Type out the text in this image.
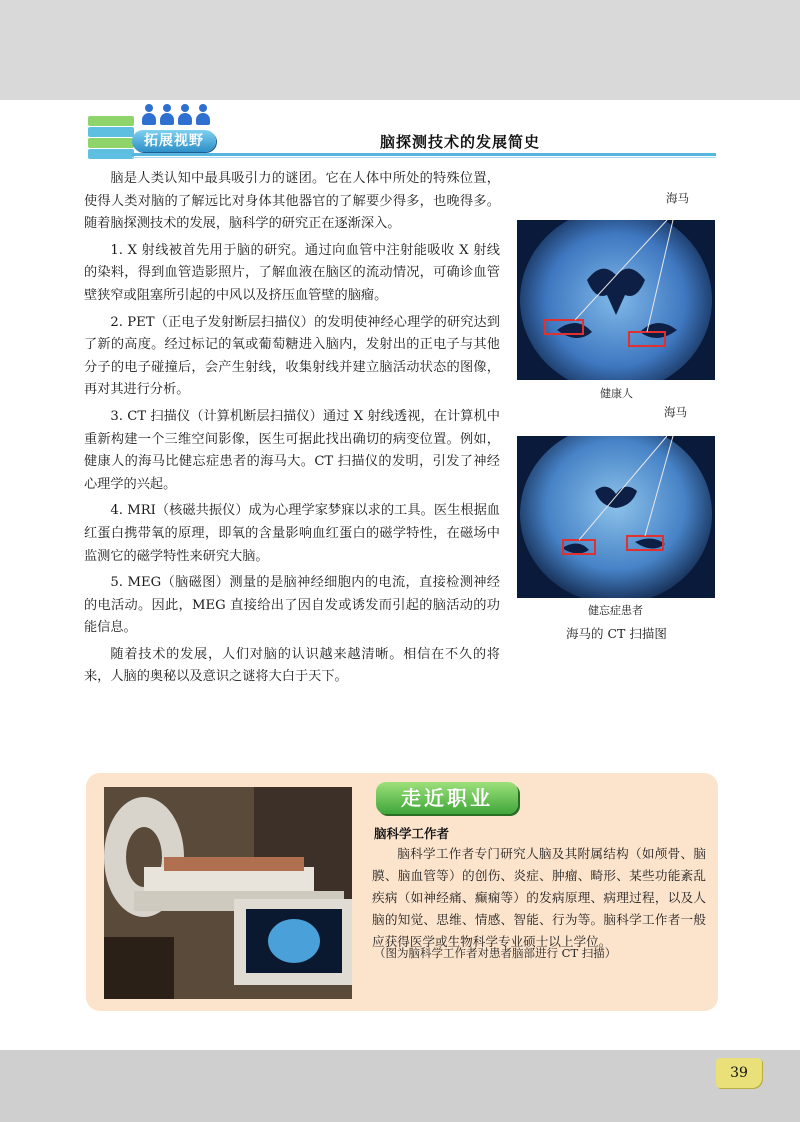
拓展视野	脑探测技术的发展简史

脑是人类认知中最具吸引力的谜团。它在人体中所处的特殊位置，使得人类对脑的了解远比对身体其他器官的了解要少得多，也晚得多。随着脑探测技术的发展，脑科学的研究正在逐渐深入。

1. X 射线被首先用于脑的研究。通过向血管中注射能吸收 X 射线的染料，得到血管造影照片，了解血液在脑区的流动情况，可确诊血管壁狭窄或阻塞所引起的中风以及挤压血管壁的脑瘤。

2. PET（正电子发射断层扫描仪）的发明使神经心理学的研究达到了新的高度。经过标记的氧或葡萄糖进入脑内，发射出的正电子与其他分子的电子碰撞后，会产生射线，收集射线并建立脑活动状态的图像，再对其进行分析。

3. CT 扫描仪（计算机断层扫描仪）通过 X 射线透视，在计算机中重新构建一个三维空间影像，医生可据此找出确切的病变位置。例如，健康人的海马比健忘症患者的海马大。CT 扫描仪的发明，引发了神经心理学的兴起。

4. MRI（核磁共振仪）成为心理学家梦寐以求的工具。医生根据血红蛋白携带氧的原理，即氧的含量影响血红蛋白的磁学特性，在磁场中监测它的磁学特性来研究大脑。

5. MEG（脑磁图）测量的是脑神经细胞内的电流，直接检测神经的电活动。因此，MEG 直接给出了因自发或诱发而引起的脑活动的功能信息。

随着技术的发展，人们对脑的认识越来越清晰。相信在不久的将来，人脑的奥秘以及意识之谜将大白于天下。

海马
健康人
海马
健忘症患者
海马的 CT 扫描图
走近职业
脑科学工作者

脑科学工作者专门研究人脑及其附属结构（如颅骨、脑膜、脑血管等）的创伤、炎症、肿瘤、畸形、某些功能紊乱疾病（如神经痛、癫痫等）的发病原理、病理过程，以及人脑的知觉、思维、情感、智能、行为等。脑科学工作者一般应获得医学或生物科学专业硕士以上学位。

（图为脑科学工作者对患者脑部进行 CT 扫描）
39
